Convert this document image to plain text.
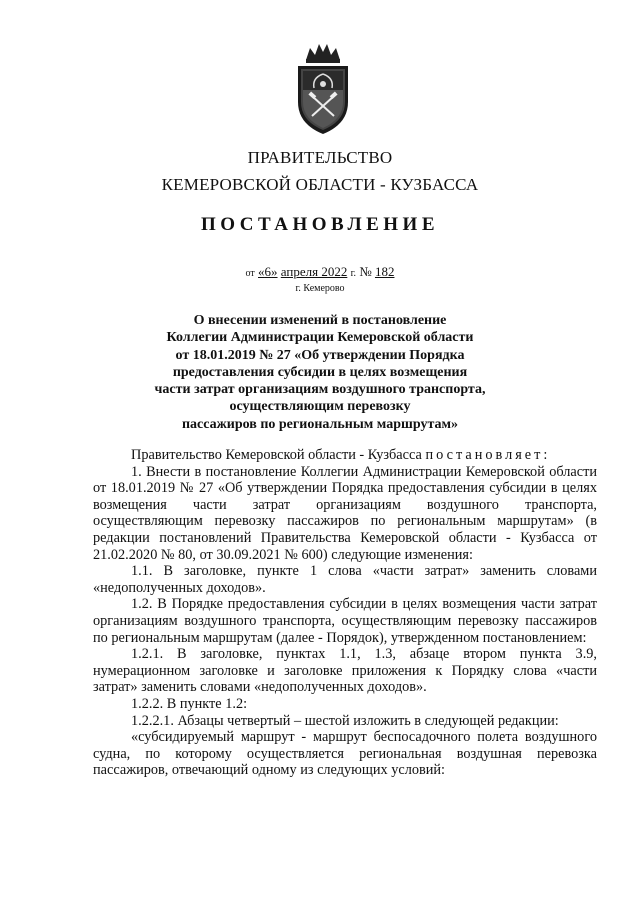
ПРАВИТЕЛЬСТВО
КЕМЕРОВСКОЙ ОБЛАСТИ - КУЗБАССА
ПОСТАНОВЛЕНИЕ
от «6» апреля 2022 г. № 182
г. Кемерово
О внесении изменений в постановление
Коллегии Администрации Кемеровской области
от 18.01.2019 № 27 «Об утверждении Порядка
предоставления субсидии в целях возмещения
части затрат организациям воздушного транспорта,
осуществляющим перевозку
пассажиров по региональным маршрутам»

Правительство Кемеровской области - Кузбасса постановляет:

1. Внести в постановление Коллегии Администрации Кемеровской области от 18.01.2019 № 27 «Об утверждении Порядка предоставления субсидии в целях возмещения части затрат организациям воздушного транспорта, осуществляющим перевозку пассажиров по региональным маршрутам» (в редакции постановлений Правительства Кемеровской области - Кузбасса от 21.02.2020 № 80, от 30.09.2021 № 600) следующие изменения:

1.1. В заголовке, пункте 1 слова «части затрат» заменить словами «недополученных доходов».

1.2. В Порядке предоставления субсидии в целях возмещения части затрат организациям воздушного транспорта, осуществляющим перевозку пассажиров по региональным маршрутам (далее - Порядок), утвержденном постановлением:

1.2.1. В заголовке, пунктах 1.1, 1.3, абзаце втором пункта 3.9, нумерационном заголовке и заголовке приложения к Порядку слова «части затрат» заменить словами «недополученных доходов».

1.2.2. В пункте 1.2:

1.2.2.1. Абзацы четвертый – шестой изложить в следующей редакции:

«субсидируемый маршрут - маршрут беспосадочного полета воздушного судна, по которому осуществляется региональная воздушная перевозка пассажиров, отвечающий одному из следующих условий:
